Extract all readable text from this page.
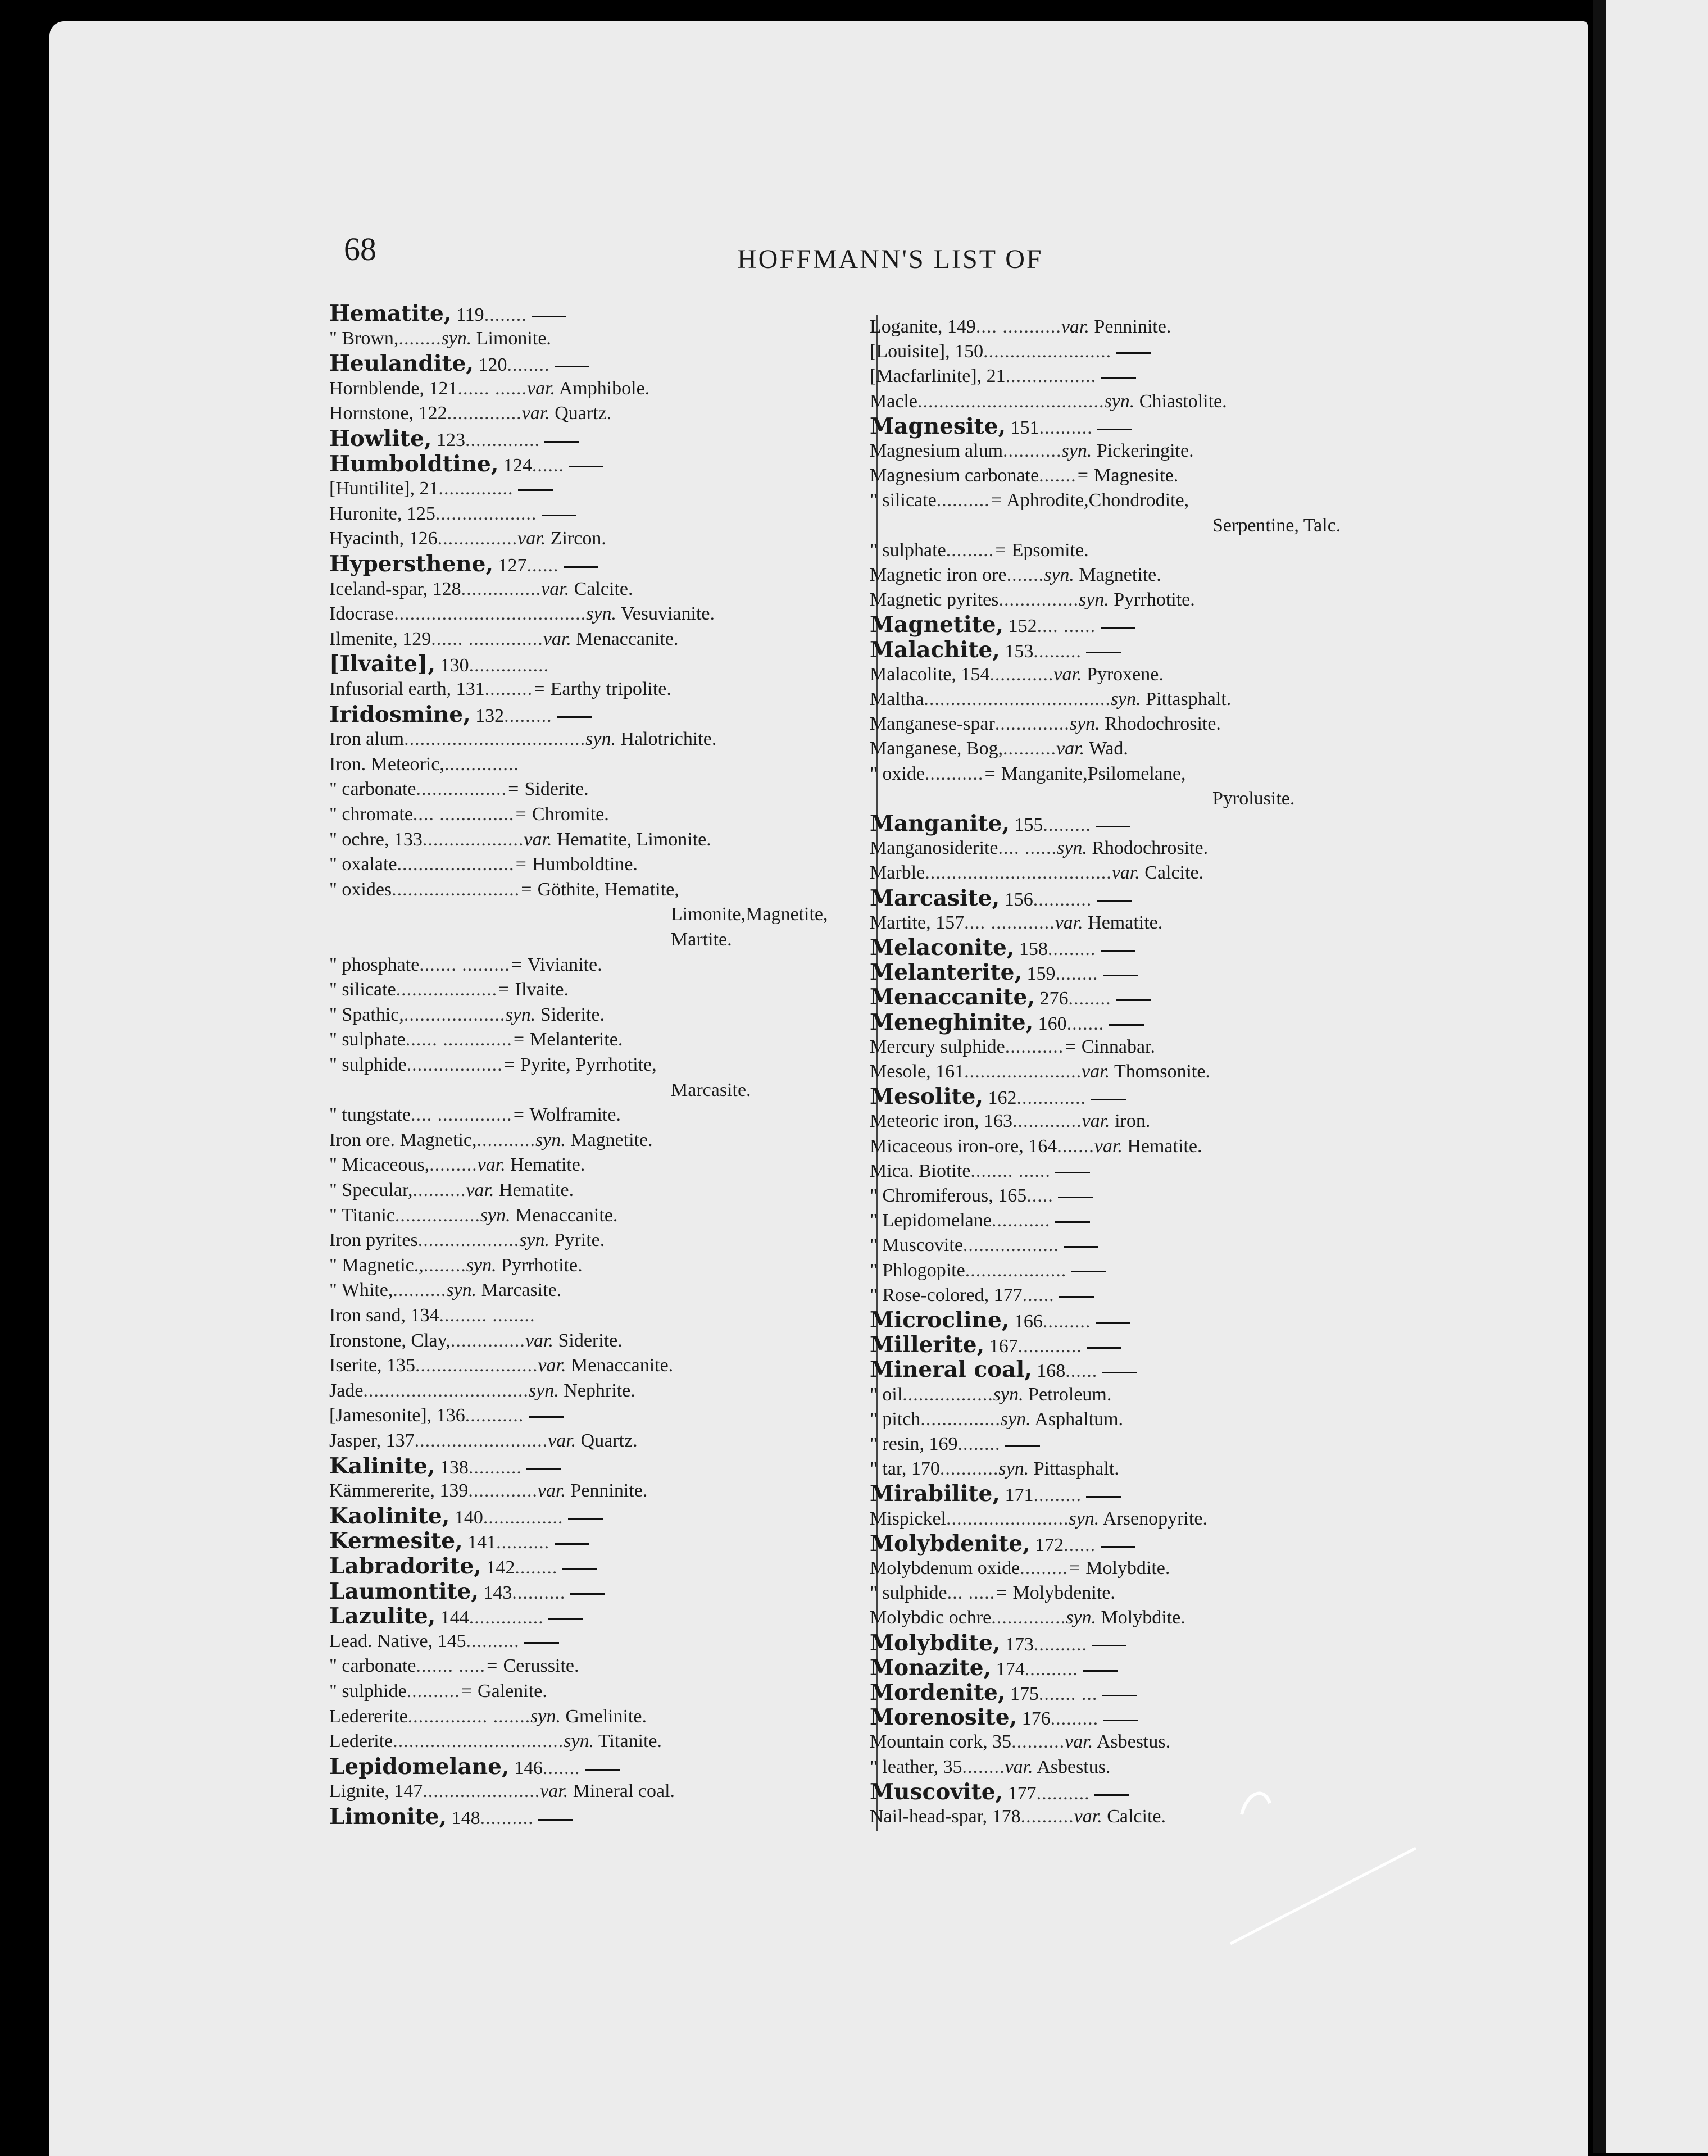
68	HOFFMANN'S LIST OF
Hematite, 119........
" Brown,........syn. Limonite.
Heulandite, 120........
Hornblende, 121...... ......var. Amphibole.
Hornstone, 122..............var. Quartz.
Howlite, 123..............
Humboldtine, 124......
[Huntilite], 21..............
Huronite, 125...................
Hyacinth, 126...............var. Zircon.
Hypersthene, 127......
Iceland-spar, 128...............var. Calcite.
Idocrase....................................syn. Vesuvianite.
Ilmenite, 129...... ..............var. Menaccanite.
[Ilvaite], 130...............
Infusorial earth, 131.........= Earthy tripolite.
Iridosmine, 132.........
Iron alum..................................syn. Halotrichite.
Iron. Meteoric,..............
" carbonate.................= Siderite.
" chromate.... ..............= Chromite.
" ochre, 133...................var. Hematite, Limonite.
" oxalate......................= Humboldtine.
" oxides........................= Göthite, Hematite,
Limonite,Magnetite,
Martite.
" phosphate....... .........= Vivianite.
" silicate...................= Ilvaite.
" Spathic,...................syn. Siderite.
" sulphate...... .............= Melanterite.
" sulphide..................= Pyrite, Pyrrhotite,
Marcasite.
" tungstate.... ..............= Wolframite.
Iron ore. Magnetic,...........syn. Magnetite.
" Micaceous,.........var. Hematite.
" Specular,..........var. Hematite.
" Titanic................syn. Menaccanite.
Iron pyrites...................syn. Pyrite.
" Magnetic.,........syn. Pyrrhotite.
" White,..........syn. Marcasite.
Iron sand, 134......... ........
Ironstone, Clay,..............var. Siderite.
Iserite, 135.......................var. Menaccanite.
Jade...............................syn. Nephrite.
[Jamesonite], 136...........
Jasper, 137.........................var. Quartz.
Kalinite, 138..........
Kämmererite, 139.............var. Penninite.
Kaolinite, 140...............
Kermesite, 141..........
Labradorite, 142........
Laumontite, 143..........
Lazulite, 144..............
Lead. Native, 145..........
" carbonate....... .....= Cerussite.
" sulphide..........= Galenite.
Ledererite............... .......syn. Gmelinite.
Lederite................................syn. Titanite.
Lepidomelane, 146.......
Lignite, 147......................var. Mineral coal.
Limonite, 148..........
Loganite, 149.... ...........var. Penninite.
[Louisite], 150........................
[Macfarlinite], 21.................
Macle...................................syn. Chiastolite.
Magnesite, 151..........
Magnesium alum...........syn. Pickeringite.
Magnesium carbonate.......= Magnesite.
" silicate..........= Aphrodite,Chondrodite,
Serpentine, Talc.
" sulphate.........= Epsomite.
Magnetic iron ore.......syn. Magnetite.
Magnetic pyrites...............syn. Pyrrhotite.
Magnetite, 152.... ......
Malachite, 153.........
Malacolite, 154............var. Pyroxene.
Maltha...................................syn. Pittasphalt.
Manganese-spar..............syn. Rhodochrosite.
Manganese, Bog,..........var. Wad.
" oxide...........= Manganite,Psilomelane,
Pyrolusite.
Manganite, 155.........
Manganosiderite.... ......syn. Rhodochrosite.
Marble...................................var. Calcite.
Marcasite, 156...........
Martite, 157.... ............var. Hematite.
Melaconite, 158.........
Melanterite, 159........
Menaccanite, 276........
Meneghinite, 160.......
Mercury sulphide...........= Cinnabar.
Mesole, 161......................var. Thomsonite.
Mesolite, 162.............
Meteoric iron, 163.............var. iron.
Micaceous iron-ore, 164.......var. Hematite.
Mica. Biotite........ ......
" Chromiferous, 165.....
" Lepidomelane...........
" Muscovite..................
" Phlogopite...................
" Rose-colored, 177......
Microcline, 166.........
Millerite, 167............
Mineral coal, 168......
" oil.................syn. Petroleum.
" pitch...............syn. Asphaltum.
" resin, 169........
" tar, 170...........syn. Pittasphalt.
Mirabilite, 171.........
Mispickel.......................syn. Arsenopyrite.
Molybdenite, 172......
Molybdenum oxide.........= Molybdite.
" sulphide... .....= Molybdenite.
Molybdic ochre..............syn. Molybdite.
Molybdite, 173..........
Monazite, 174..........
Mordenite, 175....... ...
Morenosite, 176.........
Mountain cork, 35..........var. Asbestus.
" leather, 35........var. Asbestus.
Muscovite, 177..........
Nail-head-spar, 178..........var. Calcite.
